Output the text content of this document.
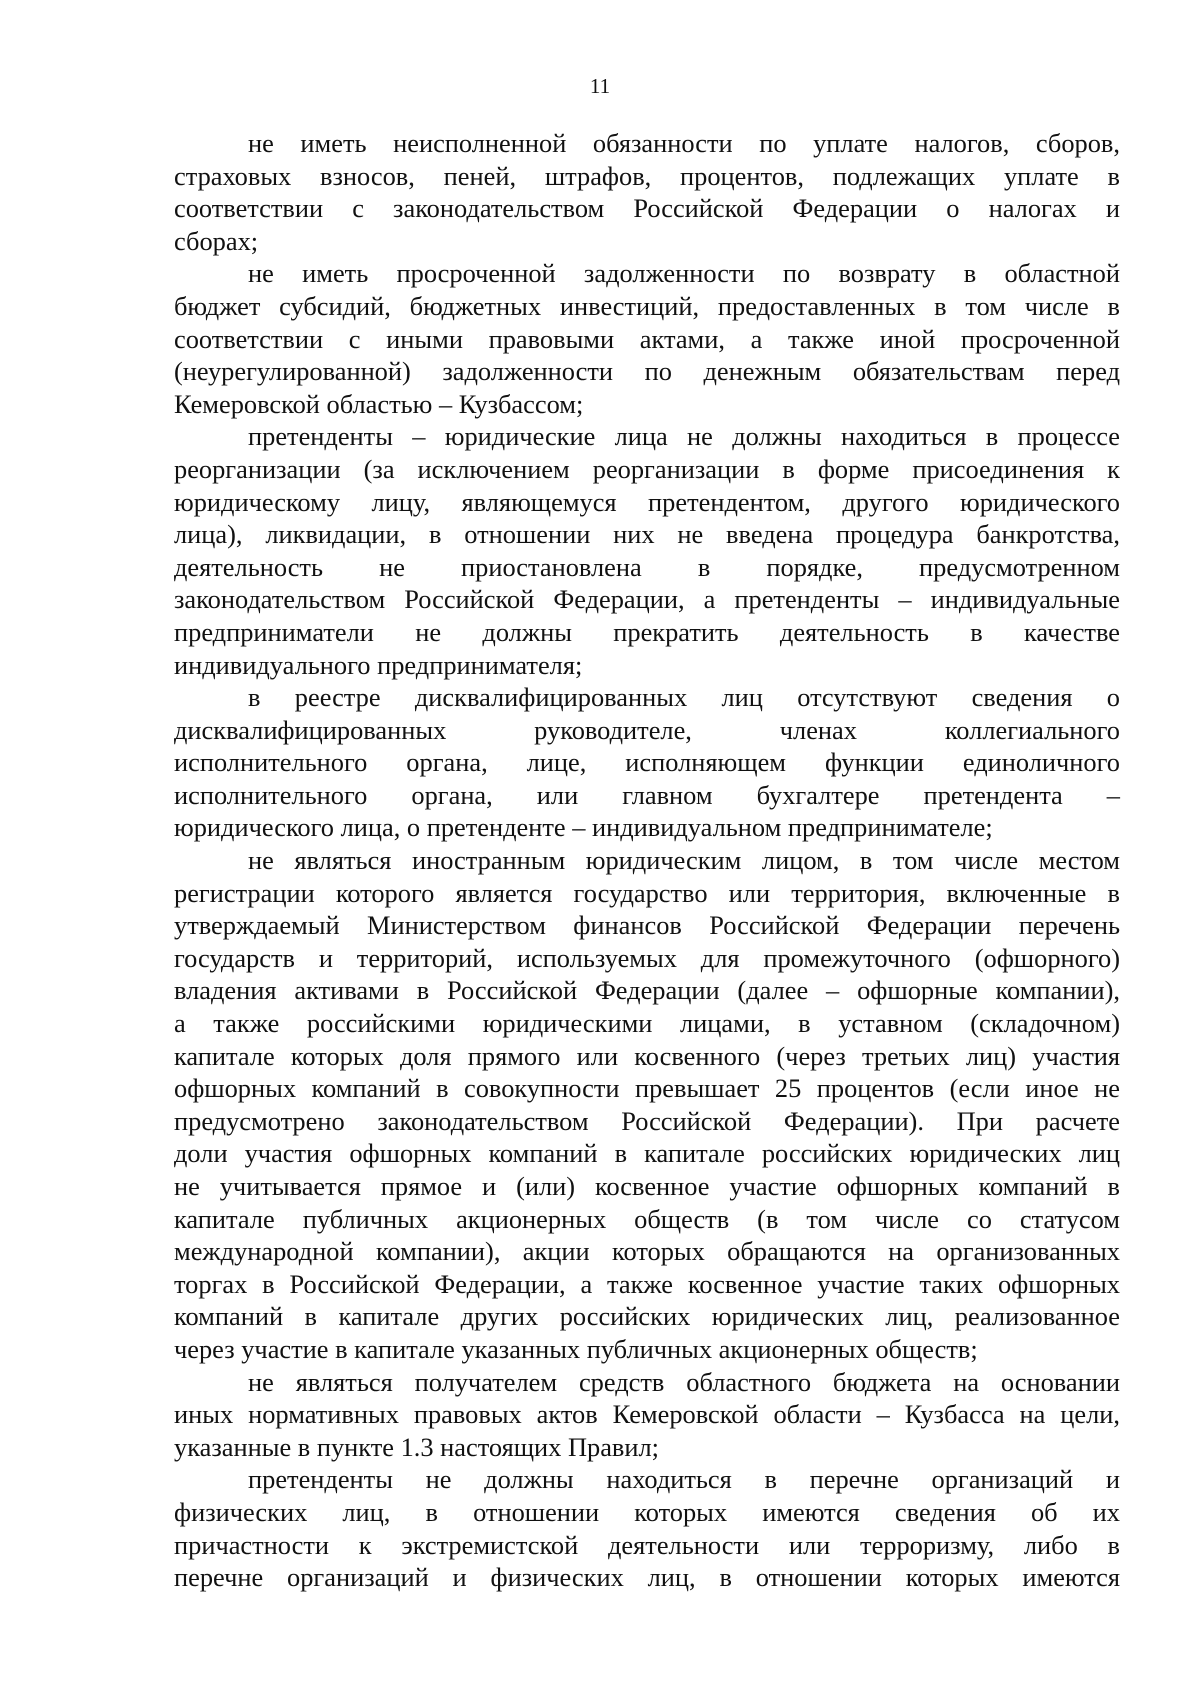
11
не иметь неисполненной обязанности по уплате налогов, сборов,
страховых взносов, пеней, штрафов, процентов, подлежащих уплате в
соответствии с законодательством Российской Федерации о налогах и
сборах;
не иметь просроченной задолженности по возврату в областной
бюджет субсидий, бюджетных инвестиций, предоставленных в том числе в
соответствии с иными правовыми актами, а также иной просроченной
(неурегулированной) задолженности по денежным обязательствам перед
Кемеровской областью – Кузбассом;
претенденты – юридические лица не должны находиться в процессе
реорганизации (за исключением реорганизации в форме присоединения к
юридическому лицу, являющемуся претендентом, другого юридического
лица), ликвидации, в отношении них не введена процедура банкротства,
деятельность не приостановлена в порядке, предусмотренном
законодательством Российской Федерации, а претенденты – индивидуальные
предприниматели не должны прекратить деятельность в качестве
индивидуального предпринимателя;
в реестре дисквалифицированных лиц отсутствуют сведения о
дисквалифицированных руководителе, членах коллегиального
исполнительного органа, лице, исполняющем функции единоличного
исполнительного органа, или главном бухгалтере претендента –
юридического лица, о претенденте – индивидуальном предпринимателе;
не являться иностранным юридическим лицом, в том числе местом
регистрации которого является государство или территория, включенные в
утверждаемый Министерством финансов Российской Федерации перечень
государств и территорий, используемых для промежуточного (офшорного)
владения активами в Российской Федерации (далее – офшорные компании),
а также российскими юридическими лицами, в уставном (складочном)
капитале которых доля прямого или косвенного (через третьих лиц) участия
офшорных компаний в совокупности превышает 25 процентов (если иное не
предусмотрено законодательством Российской Федерации). При расчете
доли участия офшорных компаний в капитале российских юридических лиц
не учитывается прямое и (или) косвенное участие офшорных компаний в
капитале публичных акционерных обществ (в том числе со статусом
международной компании), акции которых обращаются на организованных
торгах в Российской Федерации, а также косвенное участие таких офшорных
компаний в капитале других российских юридических лиц, реализованное
через участие в капитале указанных публичных акционерных обществ;
не являться получателем средств областного бюджета на основании
иных нормативных правовых актов Кемеровской области – Кузбасса на цели,
указанные в пункте 1.3 настоящих Правил;
претенденты не должны находиться в перечне организаций и
физических лиц, в отношении которых имеются сведения об их
причастности к экстремистской деятельности или терроризму, либо в
перечне организаций и физических лиц, в отношении которых имеются
